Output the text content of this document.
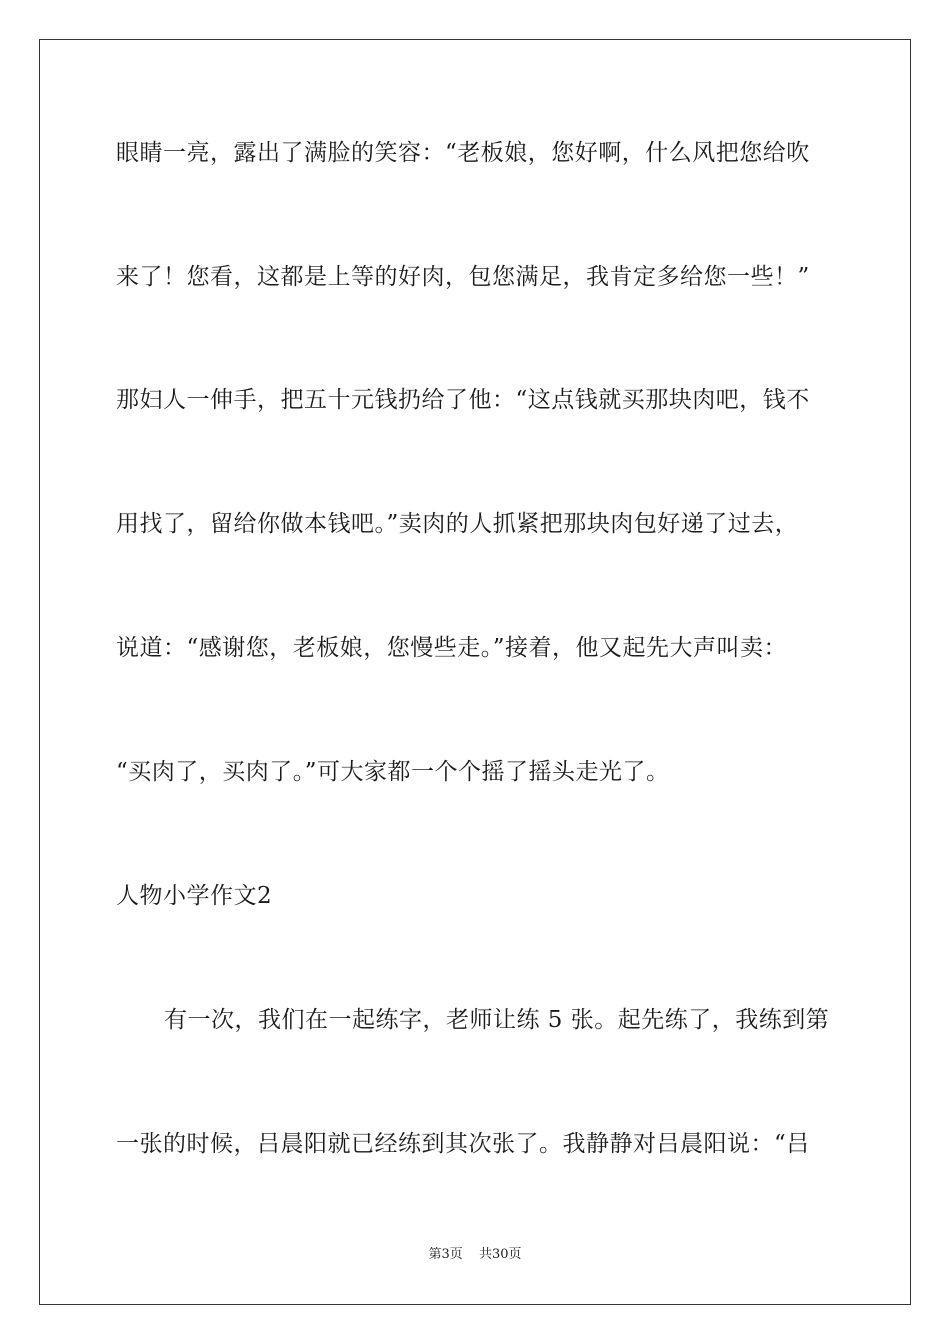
眼睛一亮，露出了满脸的笑容：“老板娘，您好啊，什么风把您给吹
来了！您看，这都是上等的好肉，包您满足，我肯定多给您一些！”
那妇人一伸手，把五十元钱扔给了他：“这点钱就买那块肉吧，钱不
用找了，留给你做本钱吧。”卖肉的人抓紧把那块肉包好递了过去，
说道：“感谢您，老板娘，您慢些走。”接着，他又起先大声叫卖：
“买肉了，买肉了。”可大家都一个个摇了摇头走光了。
人物小学作文2
有一次，我们在一起练字，老师让练 5 张。起先练了，我练到第
一张的时候，吕晨阳就已经练到其次张了。我静静对吕晨阳说：“吕
第3页 共30页
